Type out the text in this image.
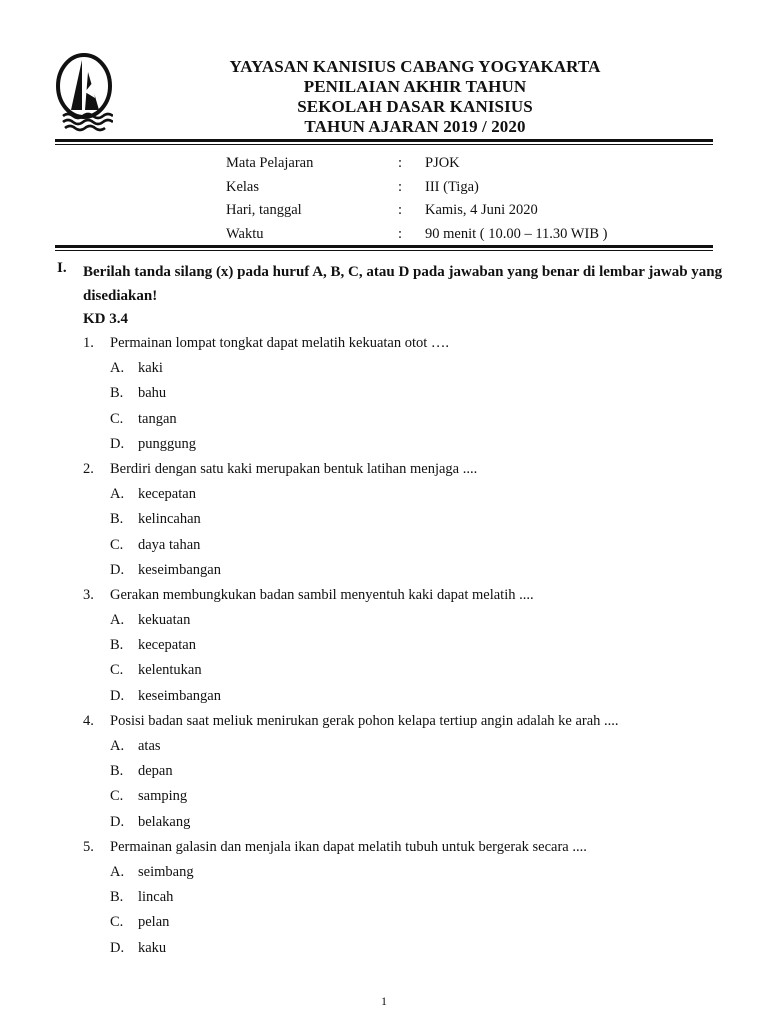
YAYASAN KANISIUS CABANG YOGYAKARTA
PENILAIAN AKHIR TAHUN
SEKOLAH DASAR KANISIUS
TAHUN AJARAN 2019 / 2020
Mata Pelajaran	: PJOK
Kelas	: III (Tiga)
Hari, tanggal	: Kamis, 4 Juni 2020
Waktu	: 90 menit ( 10.00 – 11.30 WIB )
I. Berilah tanda silang (x) pada huruf A, B, C, atau D pada jawaban yang benar di lembar jawab yang disediakan!
KD 3.4
1. Permainan lompat tongkat dapat melatih kekuatan otot ….
A. kaki
B. bahu
C. tangan
D. punggung
2. Berdiri dengan satu kaki merupakan bentuk latihan menjaga ....
A. kecepatan
B. kelincahan
C. daya tahan
D. keseimbangan
3. Gerakan membungkukan badan sambil menyentuh kaki dapat melatih ....
A. kekuatan
B. kecepatan
C. kelentukan
D. keseimbangan
4. Posisi badan saat meliuk menirukan gerak pohon kelapa tertiup angin adalah ke arah ....
A. atas
B. depan
C. samping
D. belakang
5. Permainan galasin dan menjala ikan dapat melatih tubuh untuk bergerak secara ....
A. seimbang
B. lincah
C. pelan
D. kaku
1
